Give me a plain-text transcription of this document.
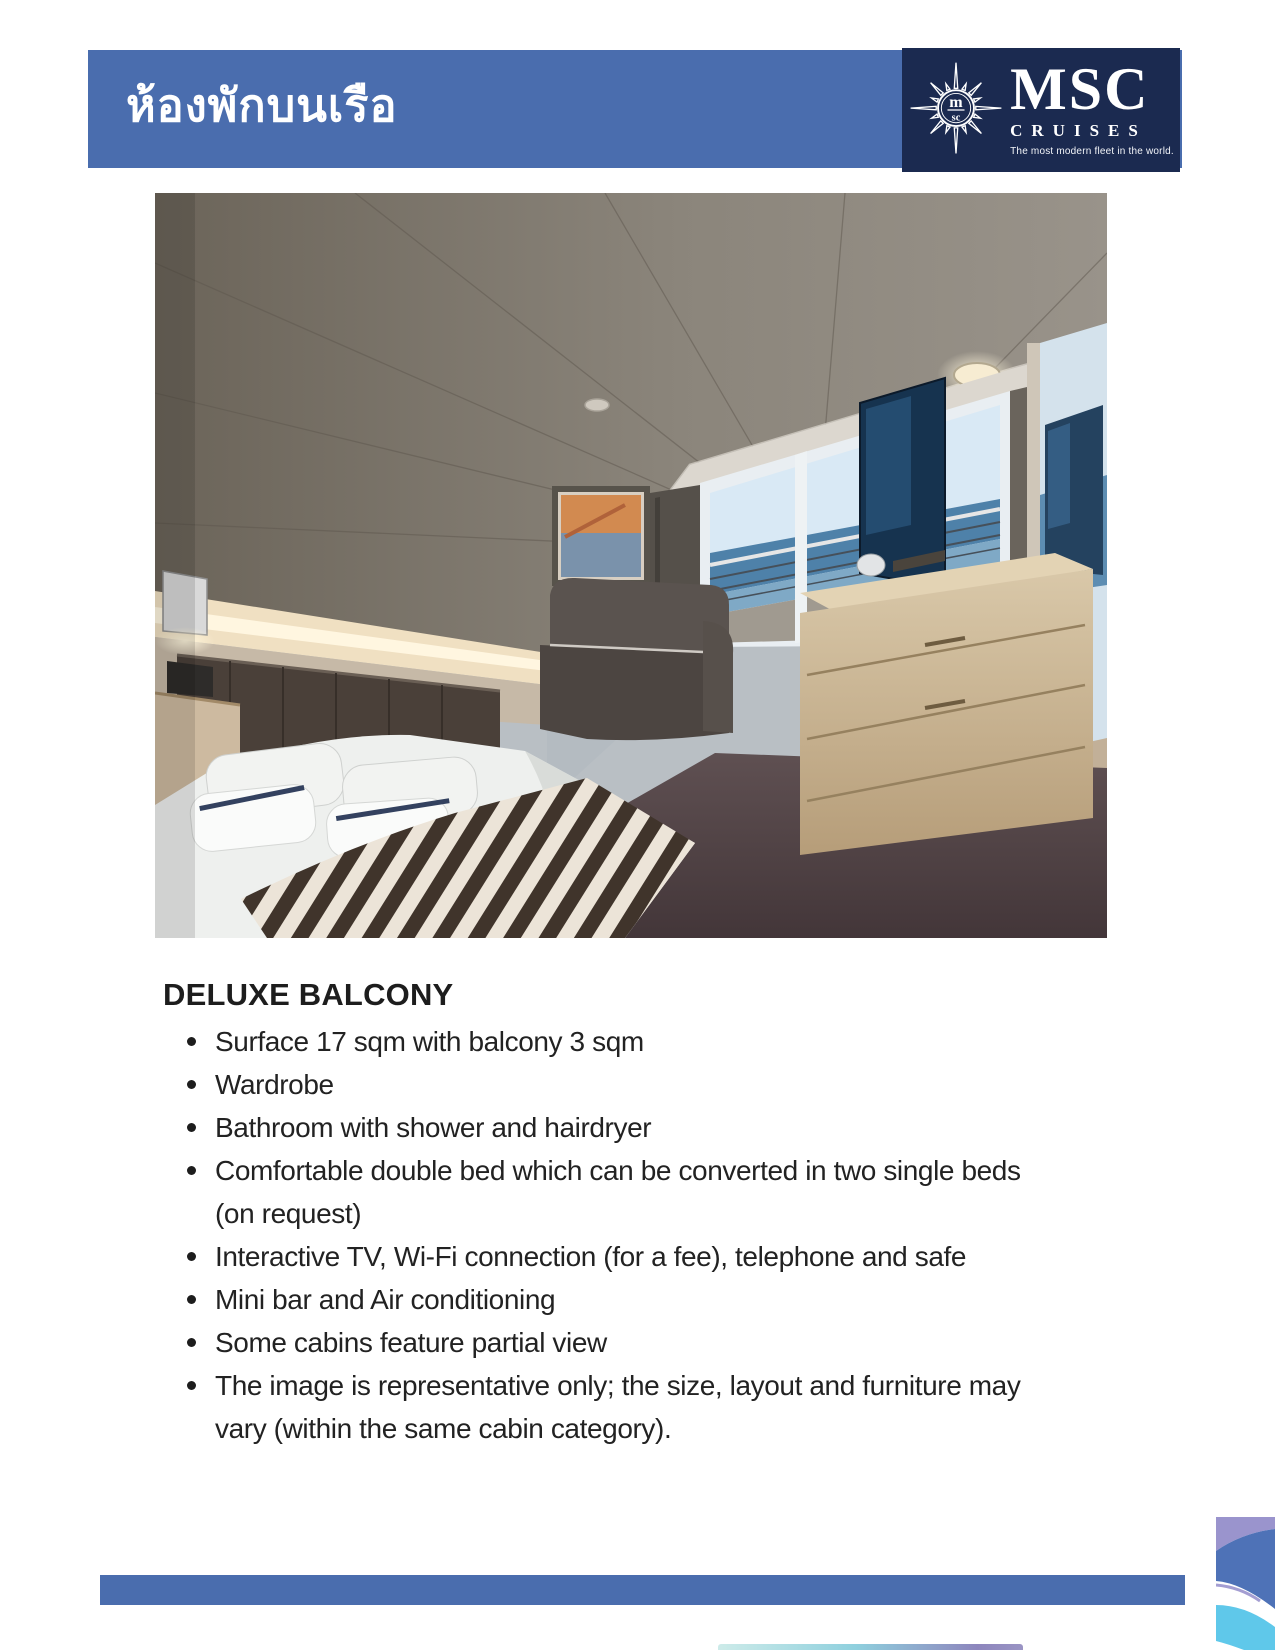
ห้องพักบนเรือ	m
sc MSC
CRUISES
The most modern fleet in the world.
DELUXE BALCONY
Surface 17 sqm with balcony 3 sqm
Wardrobe
Bathroom with shower and hairdryer
Comfortable double bed which can be converted in two single beds (on request)
Interactive TV, Wi-Fi connection (for a fee), telephone and safe
Mini bar and Air conditioning
Some cabins feature partial view
The image is representative only; the size, layout and furniture may vary (within the same cabin category).
